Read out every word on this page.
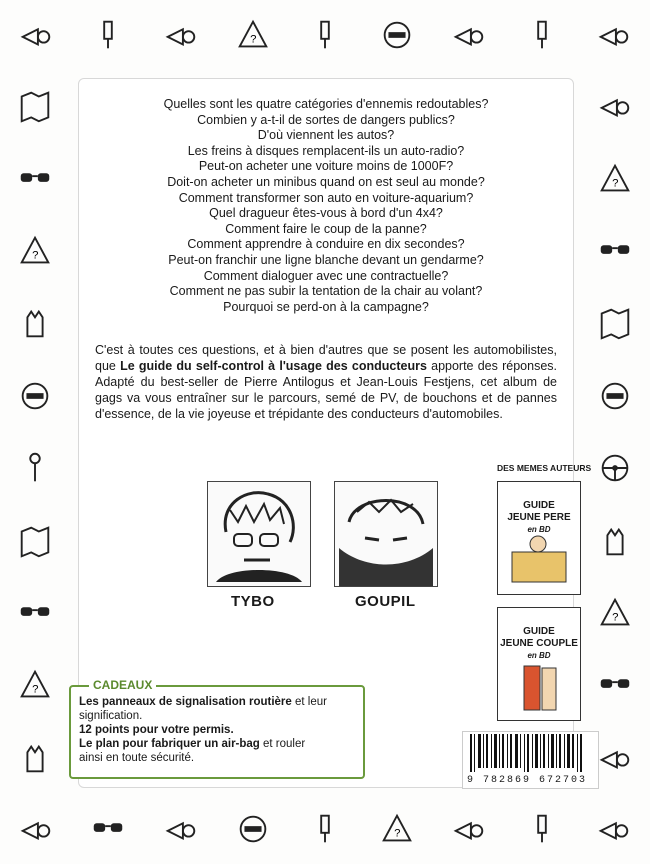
?
?
?
?
?
?
Quelles sont les quatre catégories d'ennemis redoutables?
Combien y a-t-il de sortes de dangers publics?
D'où viennent les autos?
Les freins à disques remplacent-ils un auto-radio?
Peut-on acheter une voiture moins de 1000F?
Doit-on acheter un minibus quand on est seul au monde?
Comment transformer son auto en voiture-aquarium?
Quel dragueur êtes-vous à bord d'un 4x4?
Comment faire le coup de la panne?
Comment apprendre à conduire en dix secondes?
Peut-on franchir une ligne blanche devant un gendarme?
Comment dialoguer avec une contractuelle?
Comment ne pas subir la tentation de la chair au volant?
Pourquoi se perd-on à la campagne?

C'est à toutes ces questions, et à bien d'autres que se posent les automobilistes, que Le guide du self-control à l'usage des conducteurs apporte des réponses. Adapté du best-seller de Pierre Antilogus et Jean-Louis Festjens, cet album de gags va vous entraîner sur le parcours, semé de PV, de bouchons et de pannes d'essence, de la vie joyeuse et trépidante des conducteurs d'automobiles.

DES MEMES AUTEURS
TYBO	GOUPIL
GUIDE
JEUNE PERE
en BD
GUIDE
JEUNE COUPLE
en BD
CADEAUX
Les panneaux de signalisation routière et leur
signification.
12 points pour votre permis.
Le plan pour fabriquer un air-bag et rouler
ainsi en toute sécurité.
9 782869 672703
